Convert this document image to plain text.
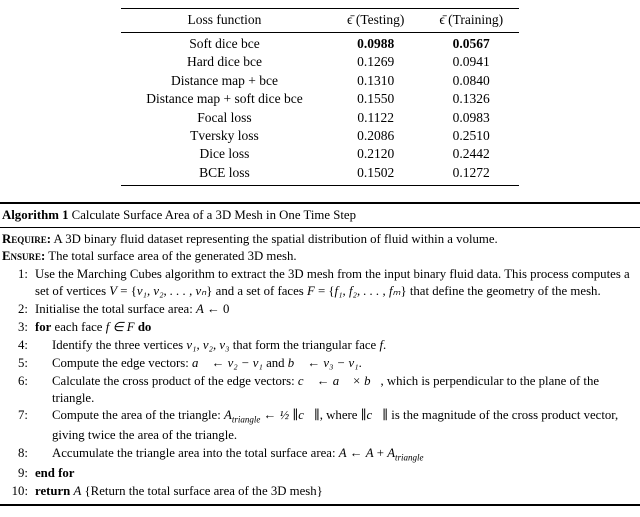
Loss function	ϵ̄ (Testing)	ϵ̄ (Training)
Soft dice bce	0.0988	0.0567
Hard dice bce	0.1269	0.0941
Distance map + bce	0.1310	0.0840
Distance map + soft dice bce	0.1550	0.1326
Focal loss	0.1122	0.0983
Tversky loss	0.2086	0.2510
Dice loss	0.2120	0.2442
BCE loss	0.1502	0.1272
Algorithm 1 Calculate Surface Area of a 3D Mesh in One Time Step
Require: A 3D binary fluid dataset representing the spatial distribution of fluid within a volume.
Ensure: The total surface area of the generated 3D mesh.
1: Use the Marching Cubes algorithm to extract the 3D mesh from the input binary fluid data. This process computes a set of vertices V = {v₁, v₂, . . . , vₙ} and a set of faces F = {f₁, f₂, . . . , fₘ} that define the geometry of the mesh.
2: Initialise the total surface area: A ← 0
3: for each face f ∈ F do
4:	Identify the three vertices v₁, v₂, v₃ that form the triangular face f.
5:	Compute the edge vectors: a⃗ ← v₂ − v₁ and b⃗ ← v₃ − v₁.
6:	Calculate the cross product of the edge vectors: c⃗ ← a⃗ × b⃗, which is perpendicular to the plane of the triangle.
7:	Compute the area of the triangle: $A_{triangle}$ ← ½ ∥c⃗∥, where ∥c⃗∥ is the magnitude of the cross product vector, giving twice the area of the triangle.
8:	Accumulate the triangle area into the total surface area: A ← $A + A_{triangle}$
9: end for
10: return A {Return the total surface area of the 3D mesh}
